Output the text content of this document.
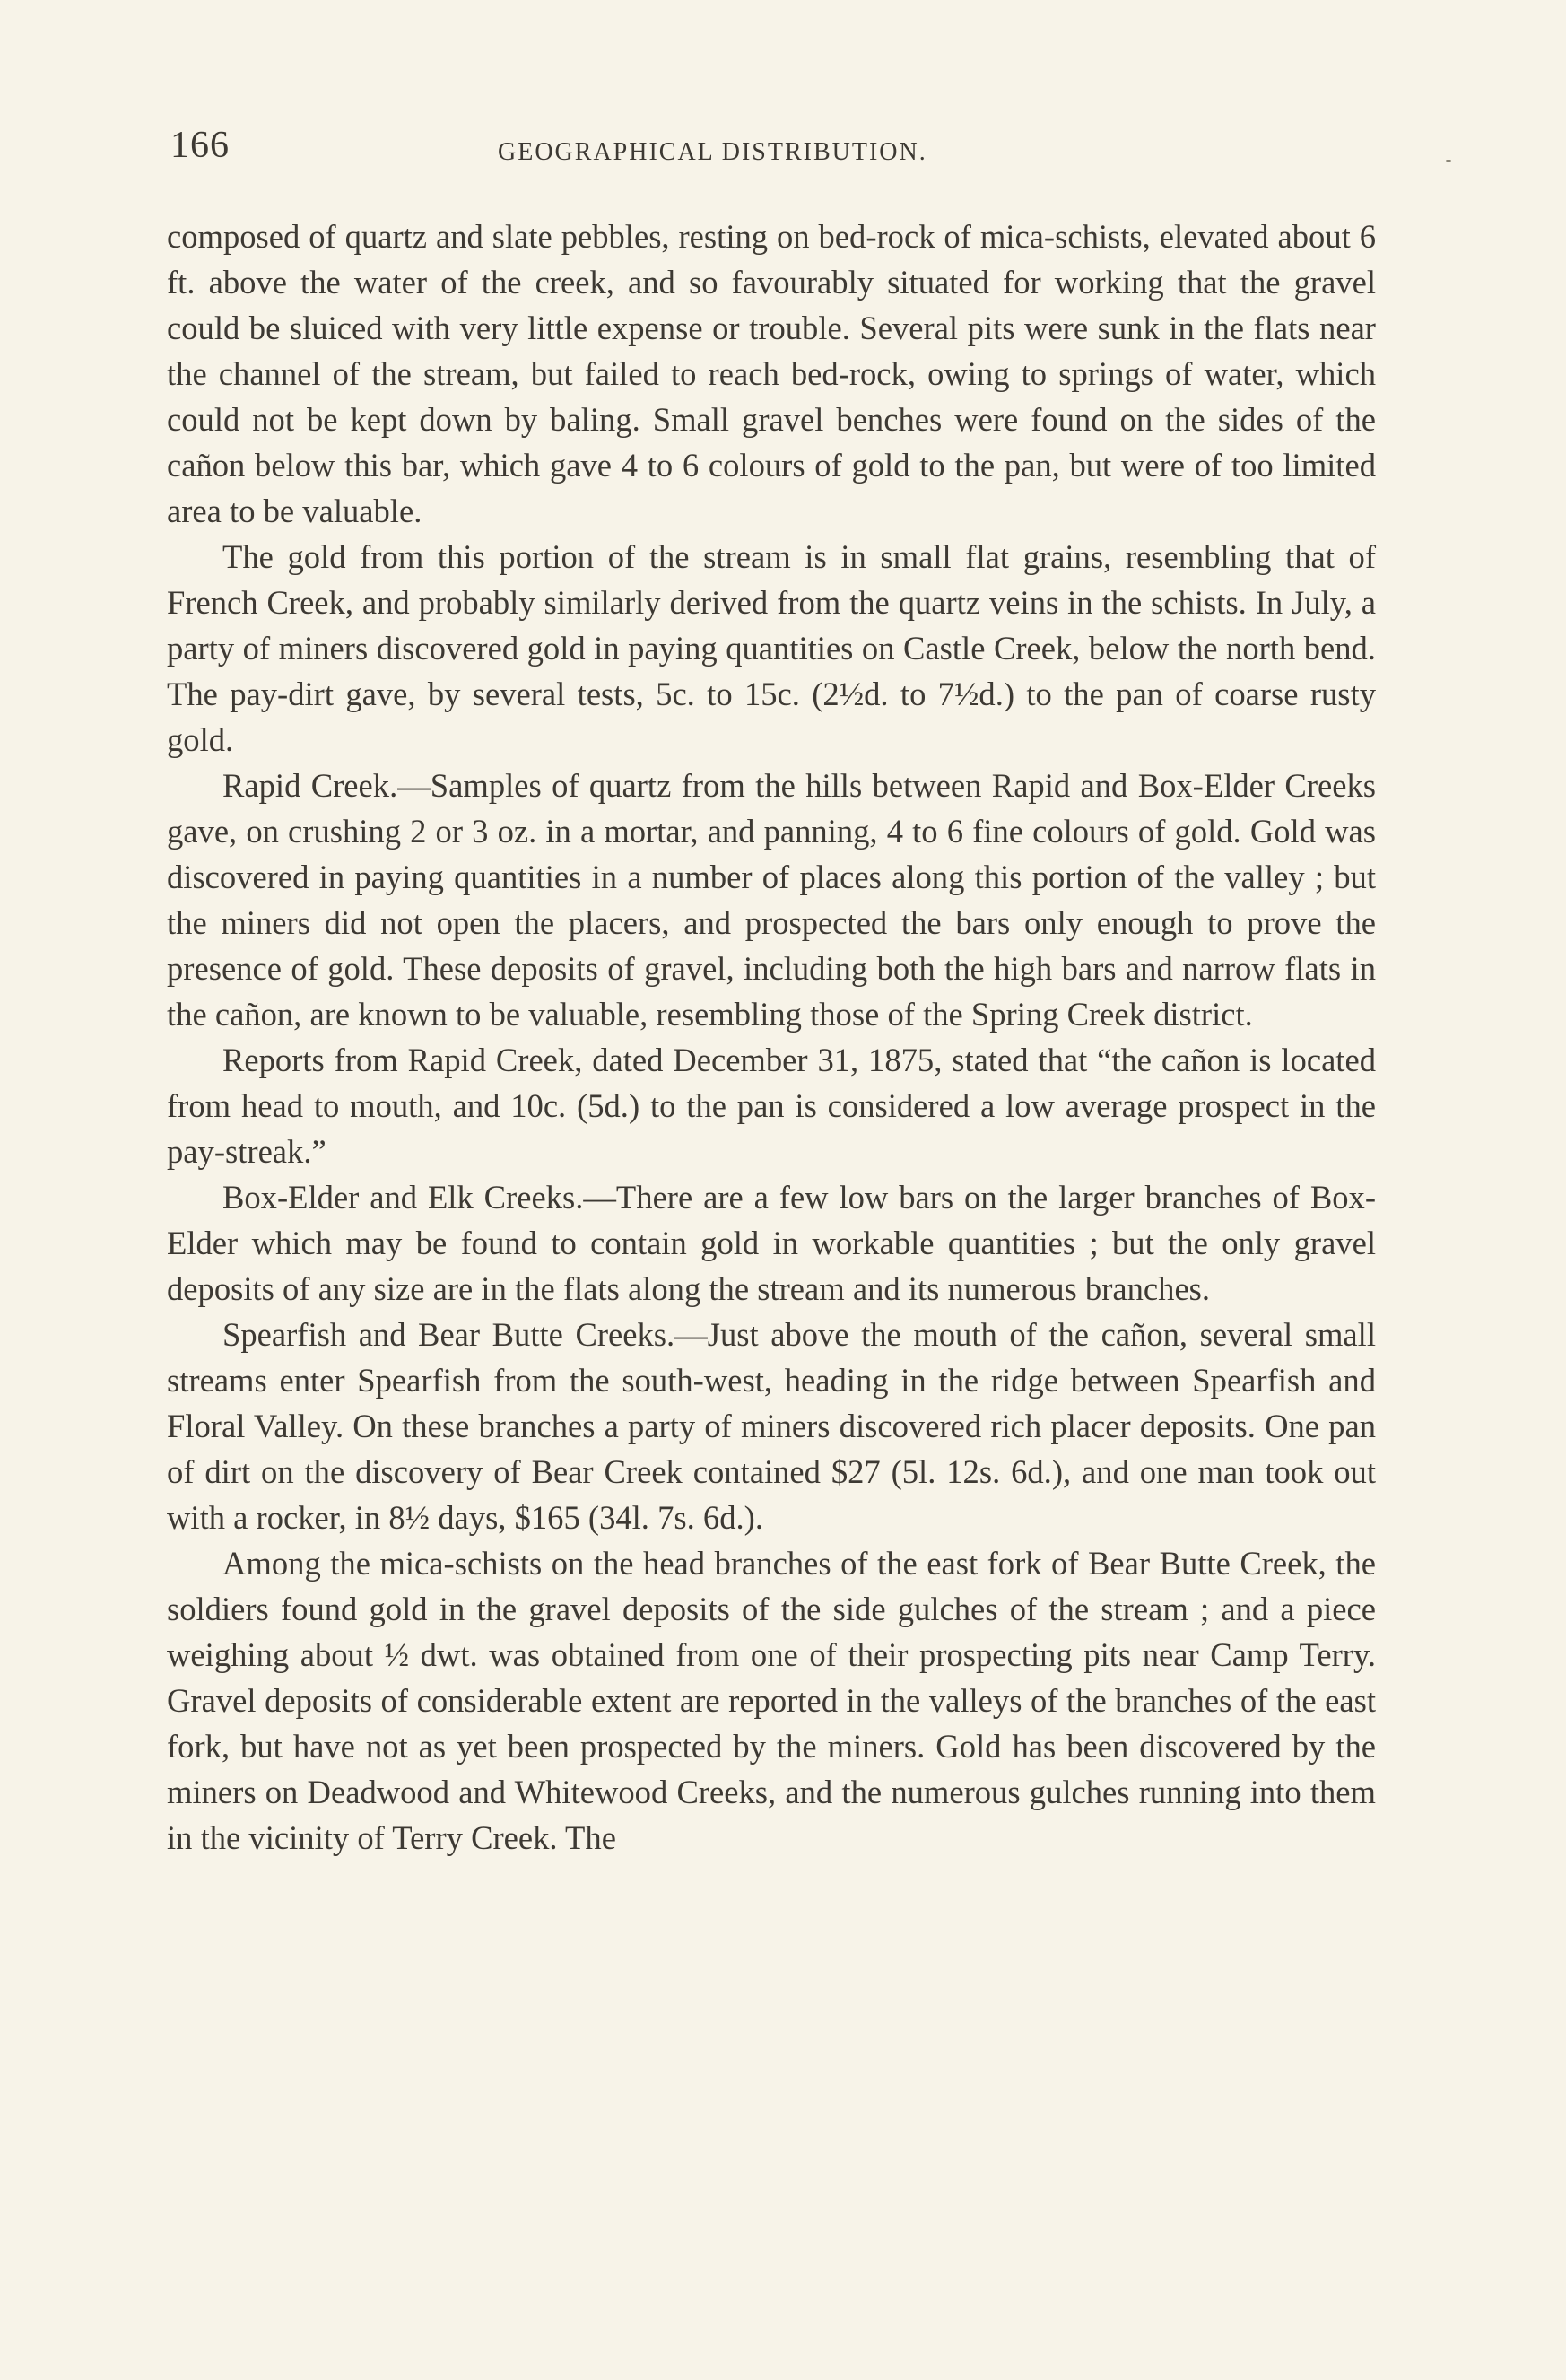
166	GEOGRAPHICAL DISTRIBUTION.

composed of quartz and slate pebbles, resting on bed-rock of mica-schists, elevated about 6 ft. above the water of the creek, and so favourably situated for working that the gravel could be sluiced with very little expense or trouble. Several pits were sunk in the flats near the channel of the stream, but failed to reach bed-rock, owing to springs of water, which could not be kept down by baling. Small gravel benches were found on the sides of the cañon below this bar, which gave 4 to 6 colours of gold to the pan, but were of too limited area to be valuable.

The gold from this portion of the stream is in small flat grains, resembling that of French Creek, and probably similarly derived from the quartz veins in the schists. In July, a party of miners discovered gold in paying quantities on Castle Creek, below the north bend. The pay-dirt gave, by several tests, 5c. to 15c. (2½d. to 7½d.) to the pan of coarse rusty gold.

Rapid Creek.—Samples of quartz from the hills between Rapid and Box-Elder Creeks gave, on crushing 2 or 3 oz. in a mortar, and panning, 4 to 6 fine colours of gold. Gold was discovered in paying quantities in a number of places along this portion of the valley ; but the miners did not open the placers, and prospected the bars only enough to prove the presence of gold. These deposits of gravel, including both the high bars and narrow flats in the cañon, are known to be valuable, resembling those of the Spring Creek district.

Reports from Rapid Creek, dated December 31, 1875, stated that “the cañon is located from head to mouth, and 10c. (5d.) to the pan is considered a low average prospect in the pay-streak.”

Box-Elder and Elk Creeks.—There are a few low bars on the larger branches of Box-Elder which may be found to contain gold in workable quantities ; but the only gravel deposits of any size are in the flats along the stream and its numerous branches.

Spearfish and Bear Butte Creeks.—Just above the mouth of the cañon, several small streams enter Spearfish from the south-west, heading in the ridge between Spearfish and Floral Valley. On these branches a party of miners discovered rich placer deposits. One pan of dirt on the discovery of Bear Creek contained $27 (5l. 12s. 6d.), and one man took out with a rocker, in 8½ days, $165 (34l. 7s. 6d.).

Among the mica-schists on the head branches of the east fork of Bear Butte Creek, the soldiers found gold in the gravel deposits of the side gulches of the stream ; and a piece weighing about ½ dwt. was obtained from one of their prospecting pits near Camp Terry. Gravel deposits of considerable extent are reported in the valleys of the branches of the east fork, but have not as yet been prospected by the miners. Gold has been discovered by the miners on Deadwood and Whitewood Creeks, and the numerous gulches running into them in the vicinity of Terry Creek. The
